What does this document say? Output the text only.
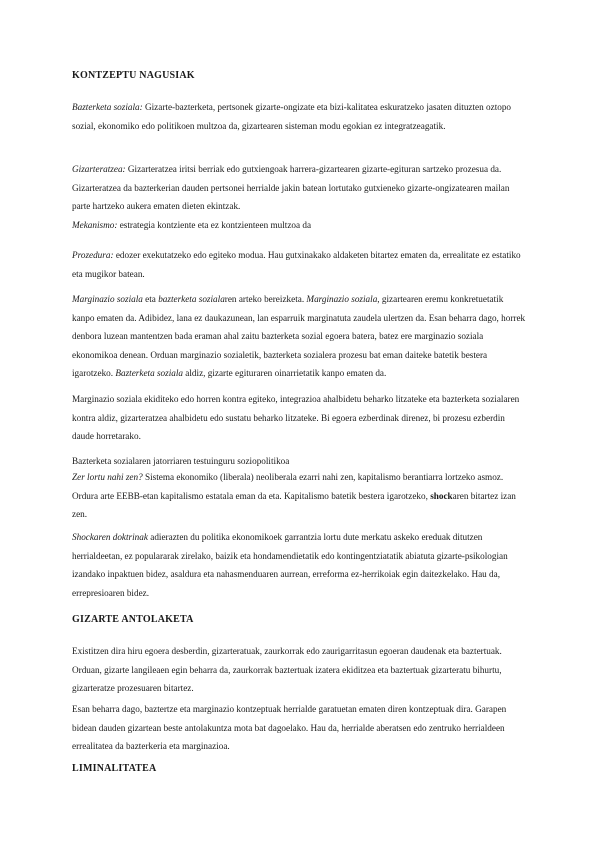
KONTZEPTU NAGUSIAK

Bazterketa soziala: Gizarte-bazterketa, pertsonek gizarte-ongizate eta bizi-kalitatea eskuratzeko jasaten dituzten oztopo sozial, ekonomiko edo politikoen multzoa da, gizartearen sisteman modu egokian ez integratzeagatik.

Gizarteratzea: Gizarteratzea iritsi berriak edo gutxiengoak harrera-gizartearen gizarte-egituran sartzeko prozesua da. Gizarteratzea da bazterkerian dauden pertsonei herrialde jakin batean lortutako gutxieneko gizarte-ongizatearen mailan parte hartzeko aukera ematen dieten ekintzak.

Mekanismo: estrategia kontziente eta ez kontzienteen multzoa da

Prozedura: edozer exekutatzeko edo egiteko modua. Hau gutxinakako aldaketen bitartez ematen da, errealitate ez estatiko eta mugikor batean.

Marginazio soziala eta bazterketa sozialaren arteko bereizketa. Marginazio soziala, gizartearen eremu konkretuetatik kanpo ematen da. Adibidez, lana ez daukazunean, lan esparruik marginatuta zaudela ulertzen da. Esan beharra dago, horrek denbora luzean mantentzen bada eraman ahal zaitu bazterketa sozial egoera batera, batez ere marginazio soziala ekonomikoa denean. Orduan marginazio sozialetik, bazterketa sozialera prozesu bat eman daiteke batetik bestera igarotzeko. Bazterketa soziala aldiz, gizarte egituraren oinarrietatik kanpo ematen da.

Marginazio soziala ekiditeko edo horren kontra egiteko, integrazioa ahalbidetu beharko litzateke eta bazterketa sozialaren kontra aldiz, gizarteratzea ahalbidetu edo sustatu beharko litzateke. Bi egoera ezberdinak direnez, bi prozesu ezberdin daude horretarako.

Bazterketa sozialaren jatorriaren testuinguru soziopolitikoa

Zer lortu nahi zen? Sistema ekonomiko (liberala) neoliberala ezarri nahi zen, kapitalismo berantiarra lortzeko asmoz. Ordura arte EEBB-etan kapitalismo estatala eman da eta. Kapitalismo batetik bestera igarotzeko, shockaren bitartez izan zen.

Shockaren doktrinak adierazten du politika ekonomikoek garrantzia lortu dute merkatu askeko ereduak ditutzen herrialdeetan, ez populararak zirelako, baizik eta hondamendietatik edo kontingentziatatik abiatuta gizarte-psikologian izandako inpaktuen bidez, asaldura eta nahasmenduaren aurrean, erreforma ez-herrikoiak egin daitezkelako. Hau da, errepresioaren bidez.

GIZARTE ANTOLAKETA

Existitzen dira hiru egoera desberdin, gizarteratuak, zaurkorrak edo zaurigarritasun egoeran daudenak eta baztertuak. Orduan, gizarte langileaen egin beharra da, zaurkorrak baztertuak izatera ekiditzea eta baztertuak gizarteratu bihurtu, gizarteratze prozesuaren bitartez.

Esan beharra dago, baztertze eta marginazio kontzeptuak herrialde garatuetan ematen diren kontzeptuak dira. Garapen bidean dauden gizartean beste antolakuntza mota bat dagoelako. Hau da, herrialde aberatsen edo zentruko herrialdeen errealitatea da bazterkeria eta marginazioa.

LIMINALITATEA
